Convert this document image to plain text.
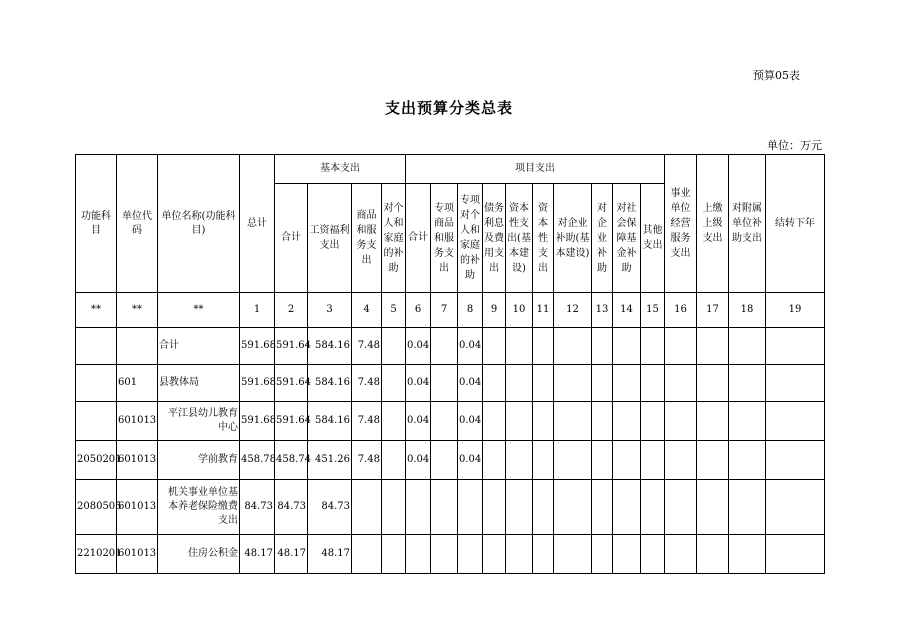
预算05表
支出预算分类总表
单位：万元
功能科目	单位代码	单位名称(功能科目)	总计	基本支出				项目支出										事业单位经营服务支出	上缴上级支出	对附属单位补助支出	结转下年
				合计	工资福利支出	商品和服务支出	对个人和家庭的补助	合计	专项商品和服务支出	专项对个人和家庭的补助	债务利息及费用支出	资本性支出(基本建设)	资本性支出	对企业补助(基本建设)	对企业补助	对社会保障基金补助	其他支出				
**	**	**	1	2	3	4	5	6	7	8	9	10	11	12	13	14	15	16	17	18	19
		合计	591.68	591.64	584.16	7.48		0.04		0.04											
	601	县教体局	591.68	591.64	584.16	7.48		0.04		0.04											
	601013	平江县幼儿教育中心	591.68	591.64	584.16	7.48		0.04		0.04											
2050201	601013	学前教育	458.78	458.74	451.26	7.48		0.04		0.04											
2080505	601013	机关事业单位基本养老保险缴费支出	84.73	84.73	84.73																
2210201	601013	住房公积金	48.17	48.17	48.17																
